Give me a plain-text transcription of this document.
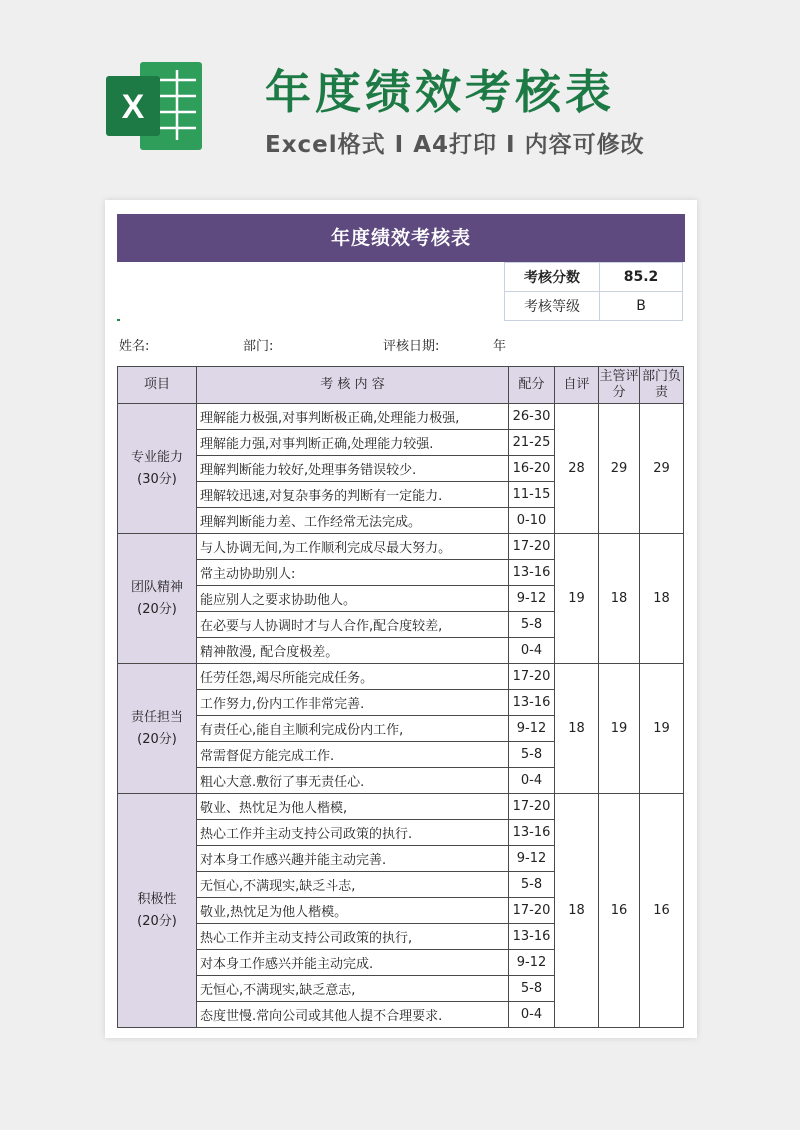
X	年度绩效考核表
Excel格式 I A4打印 I 内容可修改
年度绩效考核表
考核分数	85.2
考核等级	B
姓名:	部门:	评核日期:	年
项目	考 核 内 容	配分	自评	主管评分	部门负责

专业能力
(30分)	理解能力极强,对事判断极正确,处理能力极强,	26-30	28	29	29
	理解能力强,对事判断正确,处理能力较强.	21-25			
	理解判断能力较好,处理事务错误较少.	16-20			
	理解较迅速,对复杂事务的判断有一定能力.	11-15			
	理解判断能力差、工作经常无法完成。	0-10			

团队精神
(20分)	与人协调无间,为工作顺利完成尽最大努力。	17-20	19	18	18
	常主动协助别人:	13-16			
	能应别人之要求协助他人。	9-12			
	在必要与人协调时才与人合作,配合度较差,	5-8			
	精神散漫, 配合度极差。	0-4			

责任担当
(20分)	任劳任怨,竭尽所能完成任务。	17-20	18	19	19
	工作努力,份内工作非常完善.	13-16			
	有责任心,能自主顺利完成份内工作,	9-12			
	常需督促方能完成工作.	5-8			
	粗心大意.敷衍了事无责任心.	0-4			

积极性
(20分)	敬业、热忱足为他人楷模,	17-20	18	16	16
	热心工作并主动支持公司政策的执行.	13-16			
	对本身工作感兴趣并能主动完善.	9-12			
	无恒心,不满现实,缺乏斗志,	5-8			
	敬业,热忱足为他人楷模。	17-20			
	热心工作并主动支持公司政策的执行,	13-16			
	对本身工作感兴并能主动完成.	9-12			
	无恒心,不满现实,缺乏意志,	5-8			
	态度世慢.常向公司或其他人提不合理要求.	0-4			
